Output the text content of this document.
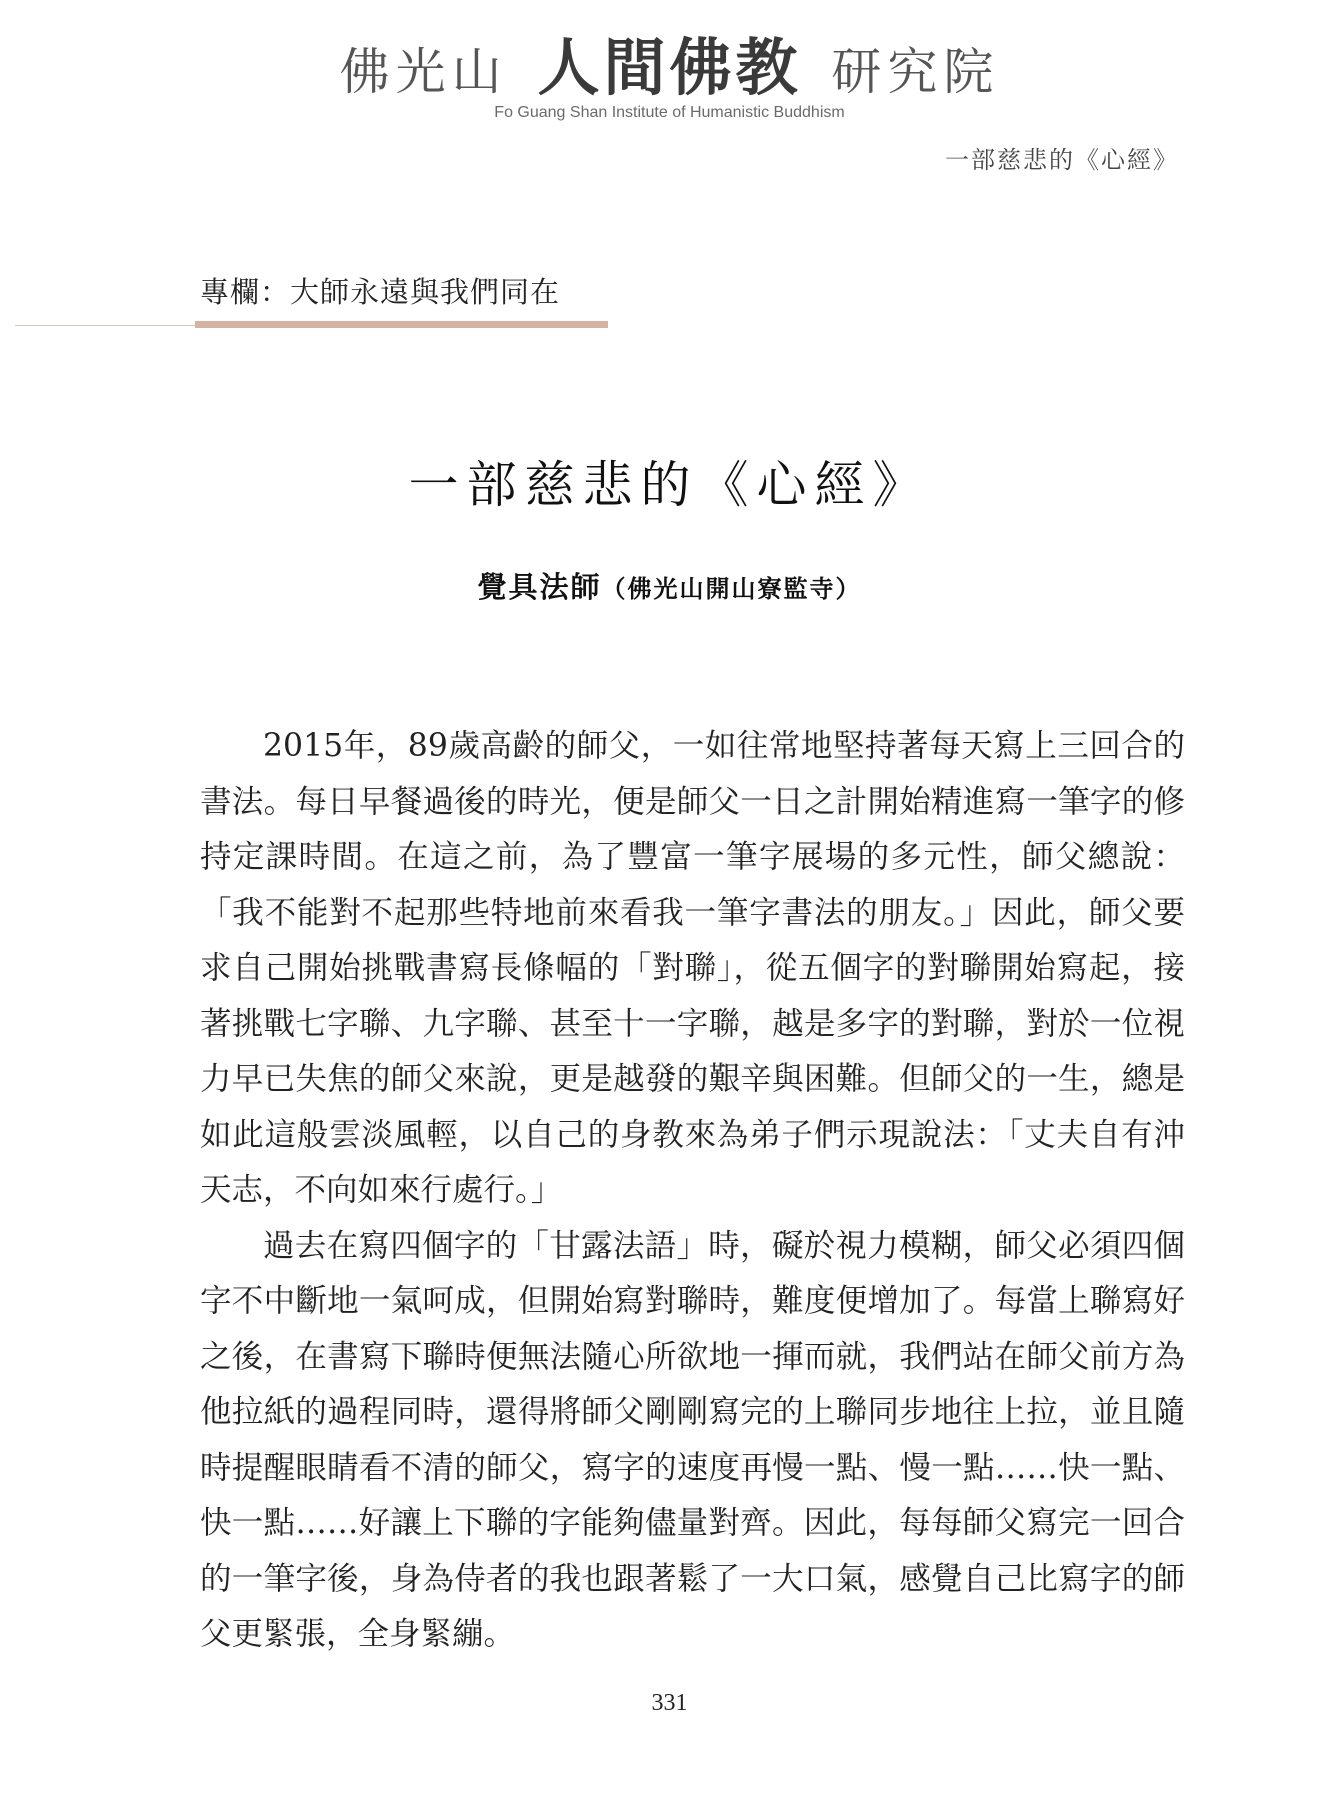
佛光山 人間佛教 研究院
Fo Guang Shan Institute of Humanistic Buddhism
一部慈悲的《心經》
專欄：大師永遠與我們同在
一部慈悲的《心經》
覺具法師（佛光山開山寮監寺）

2015年，89歲高齡的師父，一如往常地堅持著每天寫上三回合的書法。每日早餐過後的時光，便是師父一日之計開始精進寫一筆字的修持定課時間。在這之前，為了豐富一筆字展場的多元性，師父總說：「我不能對不起那些特地前來看我一筆字書法的朋友。」因此，師父要求自己開始挑戰書寫長條幅的「對聯」，從五個字的對聯開始寫起，接著挑戰七字聯、九字聯、甚至十一字聯，越是多字的對聯，對於一位視力早已失焦的師父來說，更是越發的艱辛與困難。但師父的一生，總是如此這般雲淡風輕，以自己的身教來為弟子們示現說法：「丈夫自有沖天志，不向如來行處行。」

過去在寫四個字的「甘露法語」時，礙於視力模糊，師父必須四個字不中斷地一氣呵成，但開始寫對聯時，難度便增加了。每當上聯寫好之後，在書寫下聯時便無法隨心所欲地一揮而就，我們站在師父前方為他拉紙的過程同時，還得將師父剛剛寫完的上聯同步地往上拉，並且隨時提醒眼睛看不清的師父，寫字的速度再慢一點、慢一點……快一點、快一點……好讓上下聯的字能夠儘量對齊。因此，每每師父寫完一回合的一筆字後，身為侍者的我也跟著鬆了一大口氣，感覺自己比寫字的師父更緊張，全身緊繃。

331
